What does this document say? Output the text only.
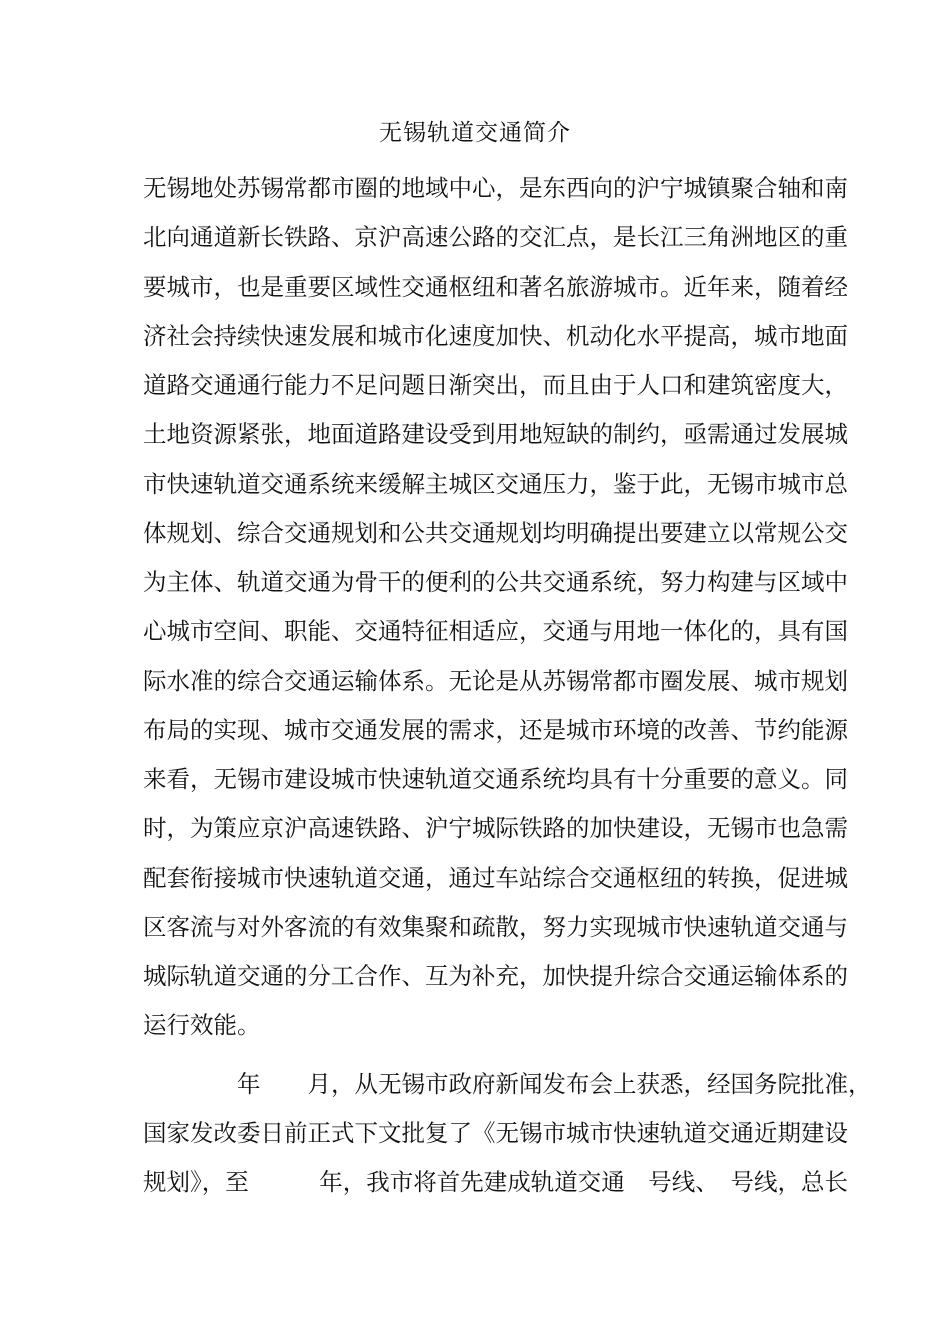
无锡轨道交通简介
无锡地处苏锡常都市圈的地域中心，是东西向的沪宁城镇聚合轴和南
北向通道新长铁路、京沪高速公路的交汇点，是长江三角洲地区的重
要城市，也是重要区域性交通枢纽和著名旅游城市。近年来，随着经
济社会持续快速发展和城市化速度加快、机动化水平提高，城市地面
道路交通通行能力不足问题日渐突出，而且由于人口和建筑密度大，
土地资源紧张，地面道路建设受到用地短缺的制约，亟需通过发展城
市快速轨道交通系统来缓解主城区交通压力，鉴于此，无锡市城市总
体规划、综合交通规划和公共交通规划均明确提出要建立以常规公交
为主体、轨道交通为骨干的便利的公共交通系统，努力构建与区域中
心城市空间、职能、交通特征相适应，交通与用地一体化的，具有国
际水准的综合交通运输体系。无论是从苏锡常都市圈发展、城市规划
布局的实现、城市交通发展的需求，还是城市环境的改善、节约能源
来看，无锡市建设城市快速轨道交通系统均具有十分重要的意义。同
时，为策应京沪高速铁路、沪宁城际铁路的加快建设，无锡市也急需
配套衔接城市快速轨道交通，通过车站综合交通枢纽的转换，促进城
区客流与对外客流的有效集聚和疏散，努力实现城市快速轨道交通与
城际轨道交通的分工合作、互为补充，加快提升综合交通运输体系的
运行效能。
　　　　年　　月，从无锡市政府新闻发布会上获悉，经国务院批准，
国家发改委日前正式下文批复了《无锡市城市快速轨道交通近期建设
规划》，至　　　年，我市将首先建成轨道交通　号线、　号线，总长
